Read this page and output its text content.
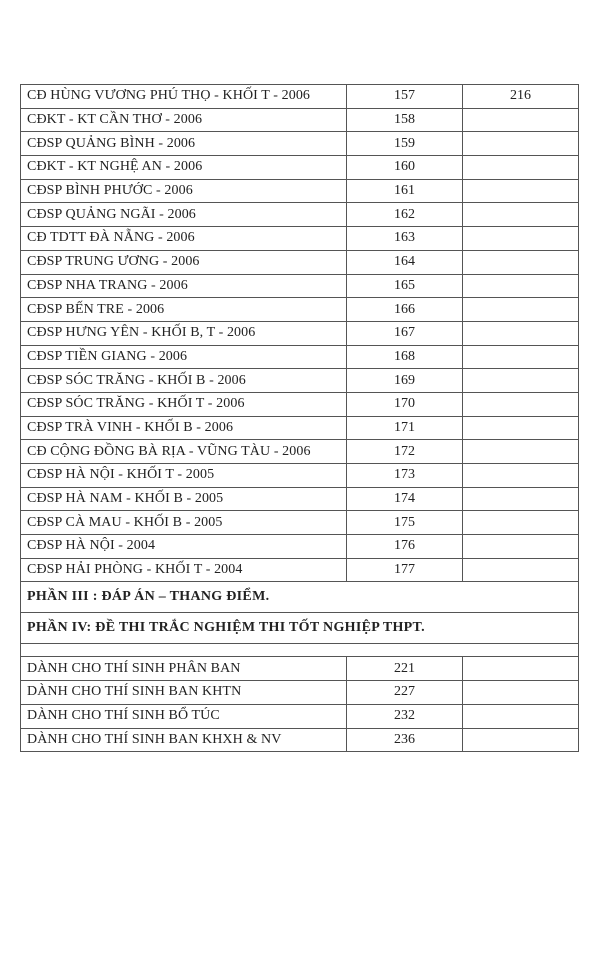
CĐ HÙNG VƯƠNG PHÚ THỌ - KHỐI T - 2006	157	216
CĐKT - KT CẦN THƠ - 2006	158	
CĐSP QUẢNG BÌNH - 2006	159	
CĐKT - KT NGHỆ AN - 2006	160	
CĐSP BÌNH PHƯỚC - 2006	161	
CĐSP QUẢNG NGÃI - 2006	162	
CĐ TDTT ĐÀ NẴNG - 2006	163	
CĐSP TRUNG ƯƠNG - 2006	164	
CĐSP NHA TRANG - 2006	165	
CĐSP BẾN TRE - 2006	166	
CĐSP HƯNG YÊN - KHỐI B, T - 2006	167	
CĐSP TIỀN GIANG - 2006	168	
CĐSP SÓC TRĂNG - KHỐI B - 2006	169	
CĐSP SÓC TRĂNG - KHỐI T - 2006	170	
CĐSP TRÀ VINH - KHỐI B - 2006	171	
CĐ CỘNG ĐỒNG BÀ RỊA - VŨNG TÀU - 2006	172	
CĐSP HÀ NỘI - KHỐI T - 2005	173	
CĐSP HÀ NAM - KHỐI B - 2005	174	
CĐSP CÀ MAU - KHỐI B - 2005	175	
CĐSP HÀ NỘI - 2004	176	
CĐSP HẢI PHÒNG - KHỐI T - 2004	177	
PHẦN III : ĐÁP ÁN – THANG ĐIỂM.		
PHẦN IV: ĐỀ THI TRẮC NGHIỆM THI TỐT NGHIỆP THPT.		

DÀNH CHO THÍ SINH PHÂN BAN	221	
DÀNH CHO THÍ SINH BAN KHTN	227	
DÀNH CHO THÍ SINH BỔ TÚC	232	
DÀNH CHO THÍ SINH BAN KHXH & NV	236	
